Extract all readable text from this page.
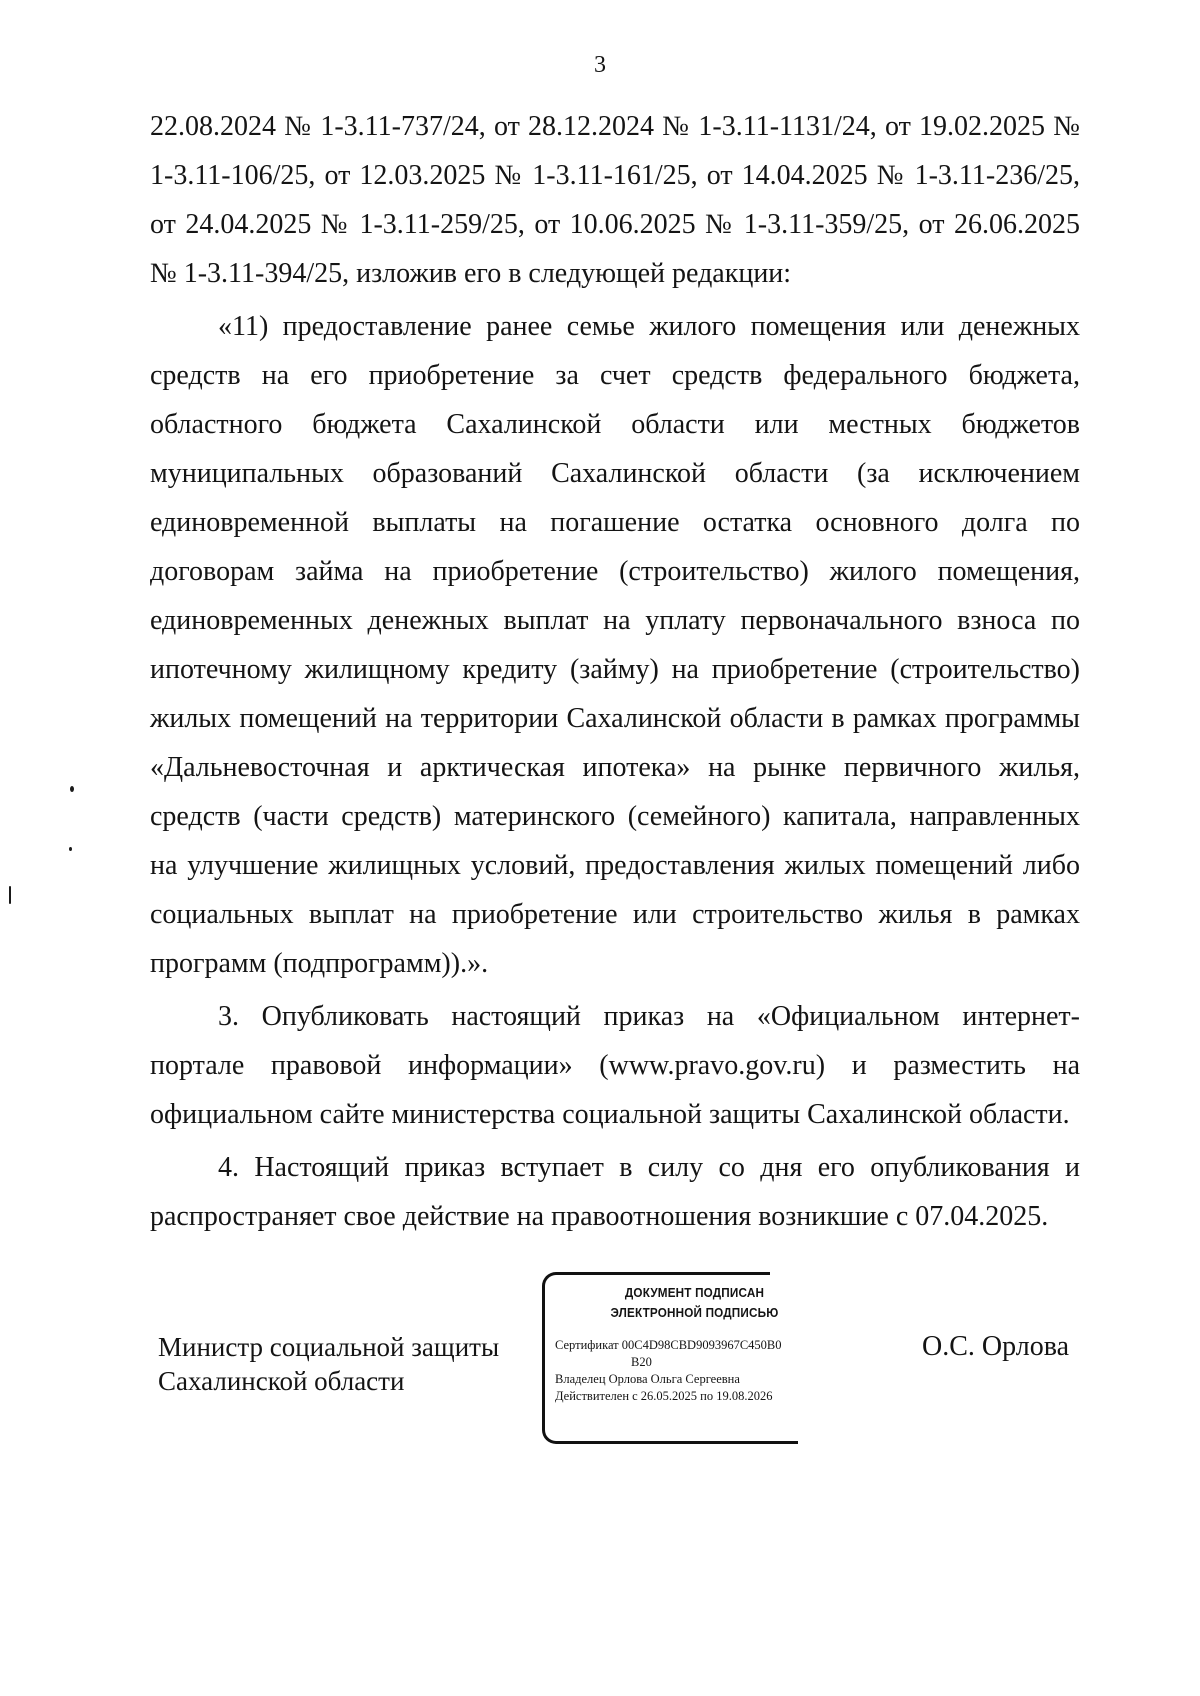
3

22.08.2024 № 1-3.11-737/24, от 28.12.2024 № 1-3.11-1131/24, от 19.02.2025 № 1-3.11-106/25, от 12.03.2025 № 1-3.11-161/25, от 14.04.2025 № 1-3.11-236/25, от 24.04.2025 № 1-3.11-259/25, от 10.06.2025 № 1-3.11-359/25, от 26.06.2025 № 1-3.11-394/25, изложив его в следующей редакции:

«11) предоставление ранее семье жилого помещения или денежных средств на его приобретение за счет средств федерального бюджета, областного бюджета Сахалинской области или местных бюджетов муниципальных образований Сахалинской области (за исключением единовременной выплаты на погашение остатка основного долга по договорам займа на приобретение (строительство) жилого помещения, единовременных денежных выплат на уплату первоначального взноса по ипотечному жилищному кредиту (займу) на приобретение (строительство) жилых помещений на территории Сахалинской области в рамках программы «Дальневосточная и арктическая ипотека» на рынке первичного жилья, средств (части средств) материнского (семейного) капитала, направленных на улучшение жилищных условий, предоставления жилых помещений либо социальных выплат на приобретение или строительство жилья в рамках программ (подпрограмм)).».

3. Опубликовать настоящий приказ на «Официальном интернет-портале правовой информации» (www.pravo.gov.ru) и разместить на официальном сайте министерства социальной защиты Сахалинской области.

4. Настоящий приказ вступает в силу со дня его опубликования и распространяет свое действие на правоотношения возникшие с 07.04.2025.

Министр социальной защиты
Сахалинской области
ДОКУМЕНТ ПОДПИСАН
ЭЛЕКТРОННОЙ ПОДПИСЬЮ
Сертификат 00C4D98CBD9093967C450B0
B20
Владелец Орлова Ольга Сергеевна
Действителен с 26.05.2025 по 19.08.2026
О.С. Орлова
